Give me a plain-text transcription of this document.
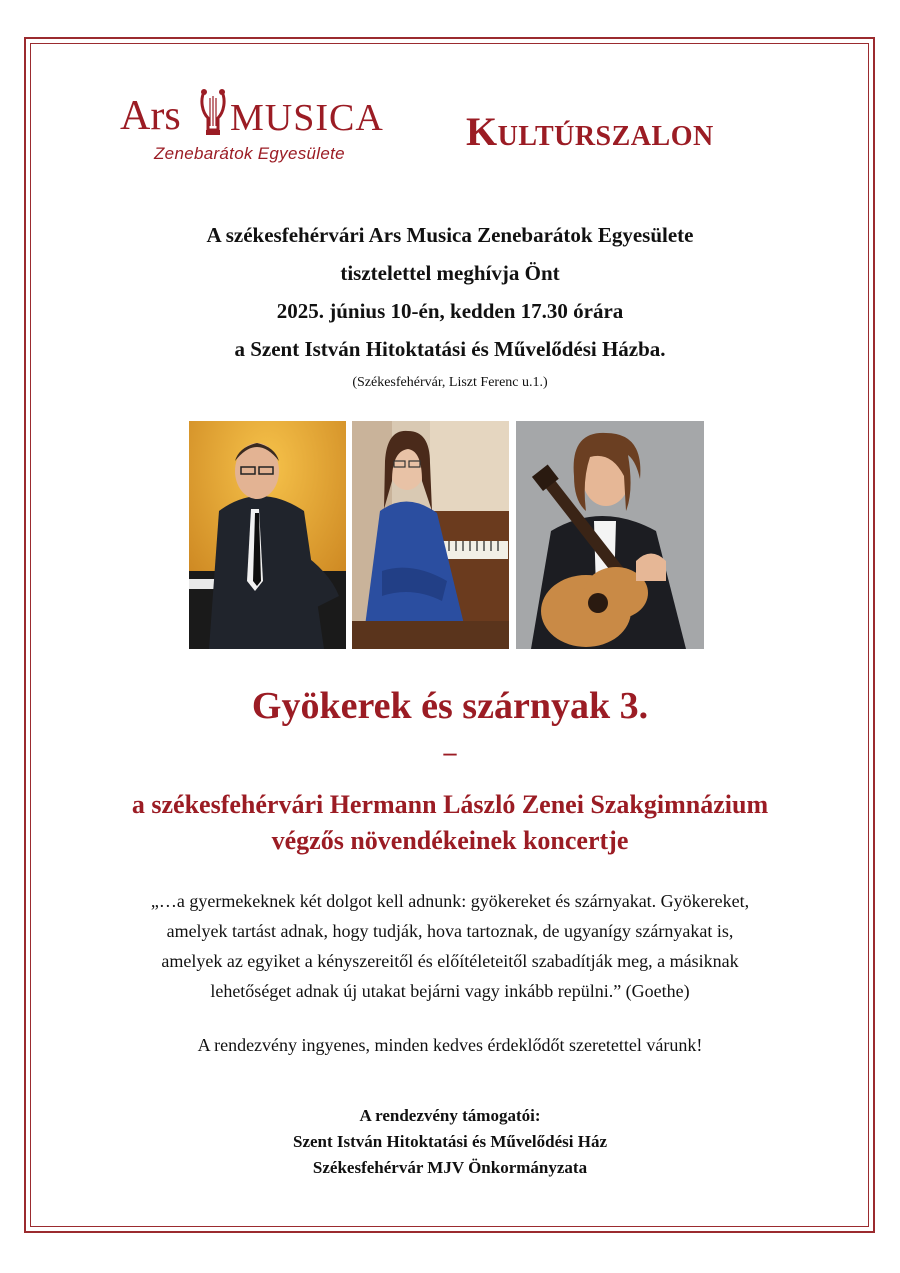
Ars MUSICA
Zenebarátok Egyesülete	Kultúrszalon
A székesfehérvári Ars Musica Zenebarátok Egyesülete
tisztelettel meghívja Önt
2025. június 10-én, kedden 17.30 órára
a Szent István Hitoktatási és Művelődési Házba.
(Székesfehérvár, Liszt Ferenc u.1.)
Gyökerek és szárnyak 3.
–
a székesfehérvári Hermann László Zenei Szakgimnázium
végzős növendékeinek koncertje
„…a gyermekeknek két dolgot kell adnunk: gyökereket és szárnyakat. Gyökereket,
amelyek tartást adnak, hogy tudják, hova tartoznak, de ugyanígy szárnyakat is,
amelyek az egyiket a kényszereitől és előítéleteitől szabadítják meg, a másiknak
lehetőséget adnak új utakat bejárni vagy inkább repülni.” (Goethe)
A rendezvény ingyenes, minden kedves érdeklődőt szeretettel várunk!
A rendezvény támogatói:
Szent István Hitoktatási és Művelődési Ház
Székesfehérvár MJV Önkormányzata
